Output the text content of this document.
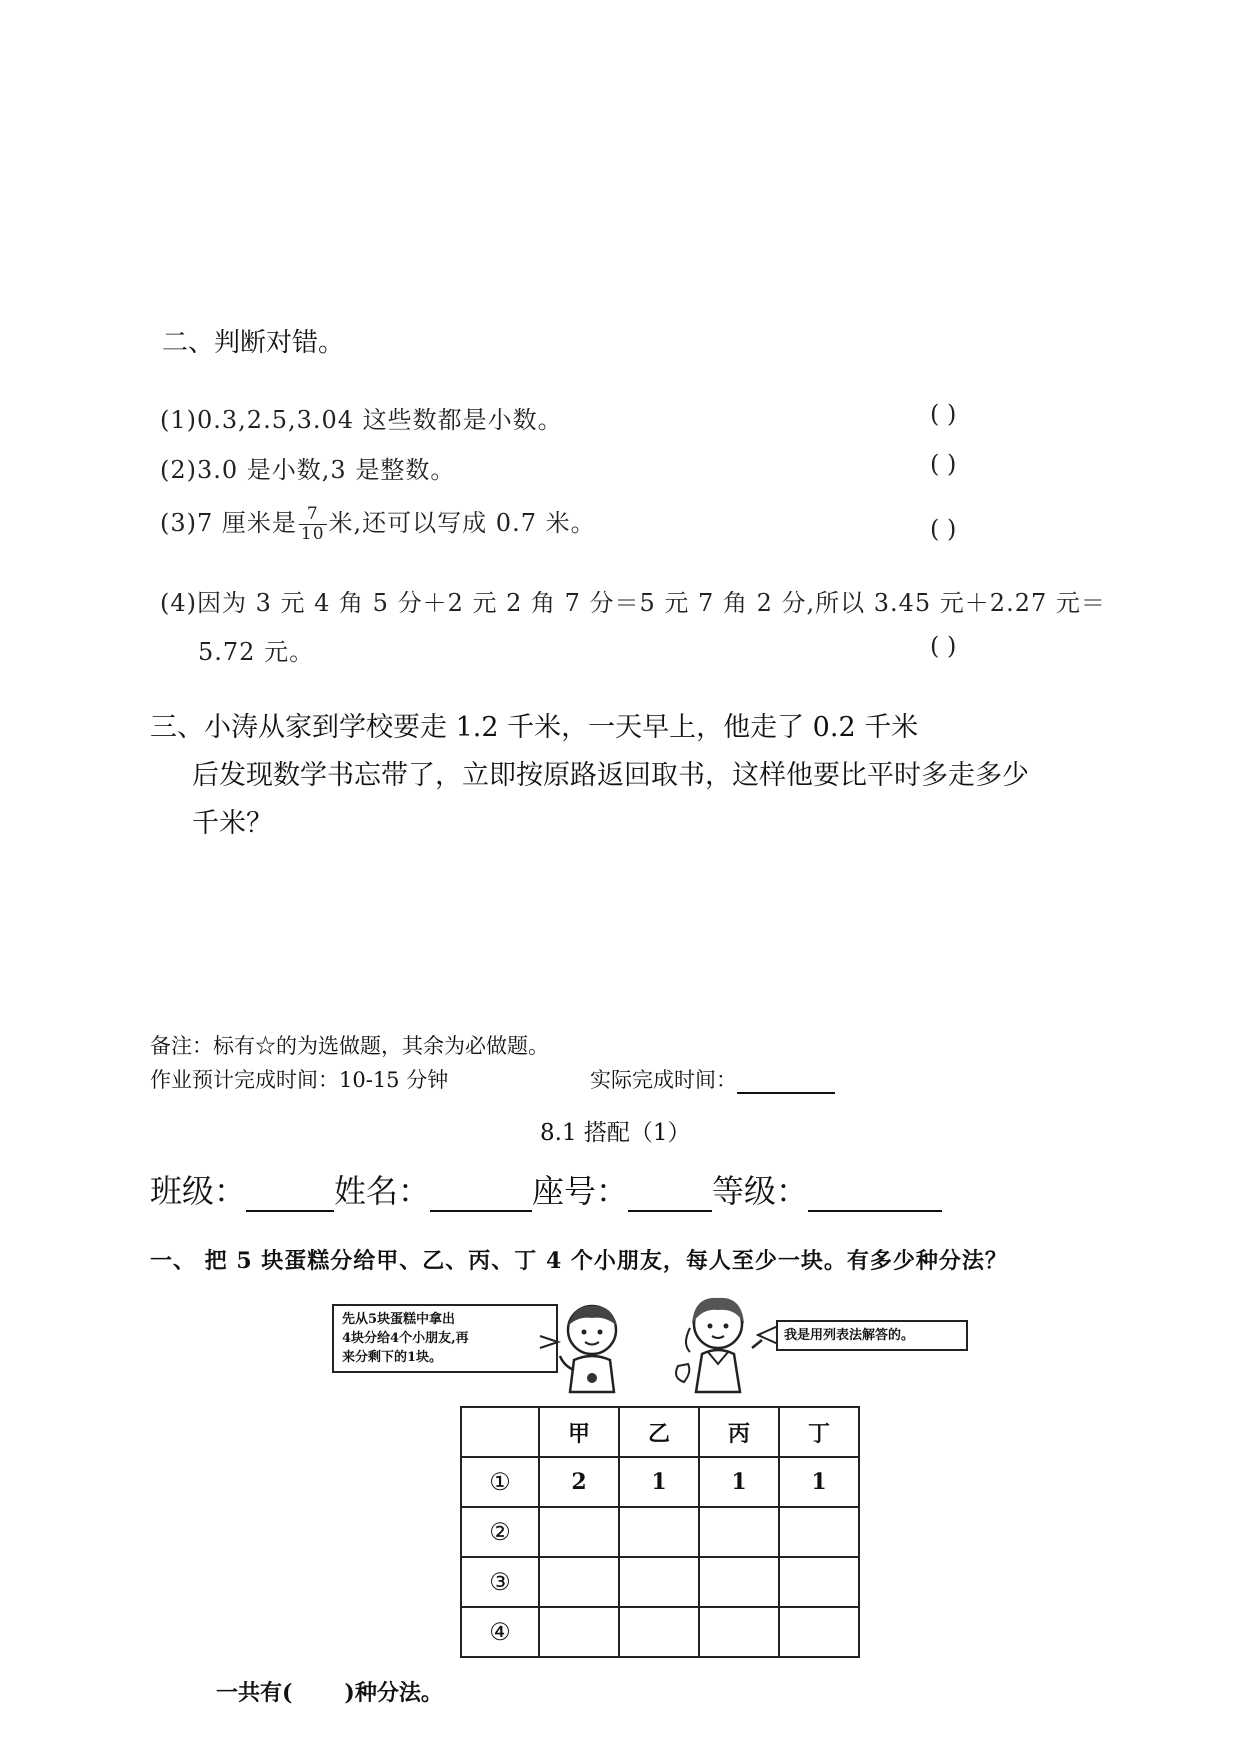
二、判断对错。
(1)0.3,2.5,3.04 这些数都是小数。	( )
(2)3.0 是小数,3 是整数。	( )
(3)7 厘米是 $\frac{7}{10}$ 米,还可以写成 0.7 米。	( )
(4)因为 3 元 4 角 5 分＋2 元 2 角 7 分＝5 元 7 角 2 分,所以 3.45 元＋2.27 元＝
5.72 元。	( )
三、小涛从家到学校要走 1.2 千米，一天早上，他走了 0.2 千米
后发现数学书忘带了，立即按原路返回取书，这样他要比平时多走多少
千米？
备注：标有☆的为选做题，其余为必做题。
作业预计完成时间：10-15 分钟	实际完成时间：
8.1 搭配（1）
班级：	姓名：	座号：	等级：
一、 把 5 块蛋糕分给甲、乙、丙、丁 4 个小朋友，每人至少一块。有多少种分法？
先从5块蛋糕中拿出
4块分给4个小朋友,再
来分剩下的1块。
我是用列表法解答的。
	甲	乙	丙	丁
①	2	1	1	1
②				
③				
④				
一共有( )种分法。
